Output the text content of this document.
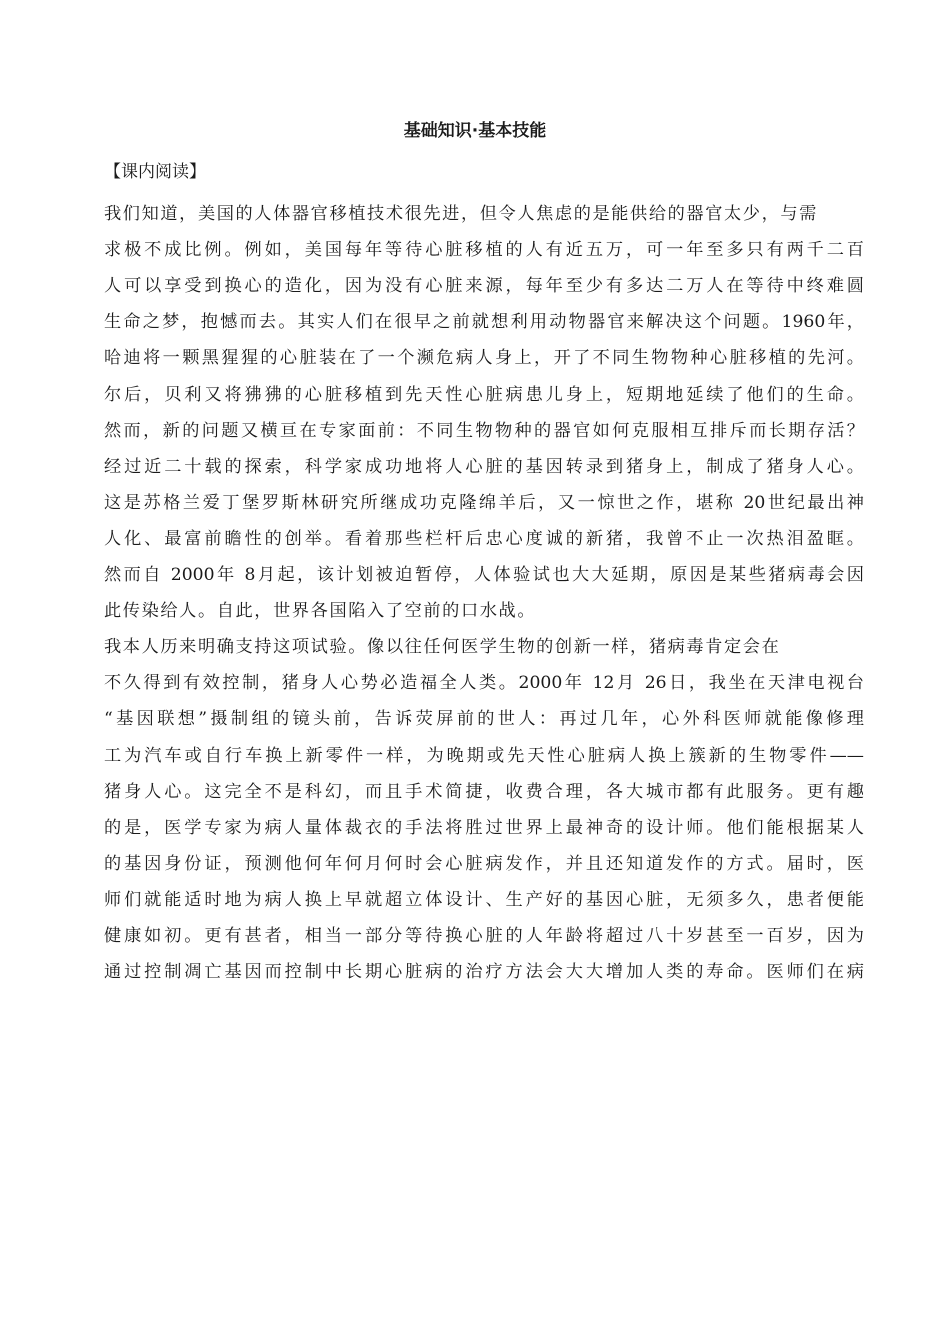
基础知识·基本技能
【课内阅读】
我们知道，美国的人体器官移植技术很先进，但令人焦虑的是能供给的器官太少，与需
求极不成比例。例如，美国每年等待心脏移植的人有近五万，可一年至多只有两千二百
人可以享受到换心的造化，因为没有心脏来源，每年至少有多达二万人在等待中终难圆
生命之梦，抱憾而去。其实人们在很早之前就想利用动物器官来解决这个问题。1960年，
哈迪将一颗黑猩猩的心脏装在了一个濒危病人身上，开了不同生物物种心脏移植的先河。
尔后，贝利又将狒狒的心脏移植到先天性心脏病患儿身上，短期地延续了他们的生命。
然而，新的问题又横亘在专家面前：不同生物物种的器官如何克服相互排斥而长期存活？
经过近二十载的探索，科学家成功地将人心脏的基因转录到猪身上，制成了猪身人心。
这是苏格兰爱丁堡罗斯林研究所继成功克隆绵羊后，又一惊世之作，堪称 20世纪最出神
人化、最富前瞻性的创举。看着那些栏杆后忠心度诚的新猪，我曾不止一次热泪盈眶。
然而自 2000年 8月起，该计划被迫暂停，人体验试也大大延期，原因是某些猪病毒会因
此传染给人。自此，世界各国陷入了空前的口水战。
我本人历来明确支持这项试验。像以往任何医学生物的创新一样，猪病毒肯定会在
不久得到有效控制，猪身人心势必造福全人类。2000年 12月 26日，我坐在天津电视台
“基因联想”摄制组的镜头前，告诉荧屏前的世人：再过几年，心外科医师就能像修理
工为汽车或自行车换上新零件一样，为晚期或先天性心脏病人换上簇新的生物零件——
猪身人心。这完全不是科幻，而且手术简捷，收费合理，各大城市都有此服务。更有趣
的是，医学专家为病人量体裁衣的手法将胜过世界上最神奇的设计师。他们能根据某人
的基因身份证，预测他何年何月何时会心脏病发作，并且还知道发作的方式。届时，医
师们就能适时地为病人换上早就超立体设计、生产好的基因心脏，无须多久，患者便能
健康如初。更有甚者，相当一部分等待换心脏的人年龄将超过八十岁甚至一百岁，因为
通过控制凋亡基因而控制中长期心脏病的治疗方法会大大增加人类的寿命。医师们在病
